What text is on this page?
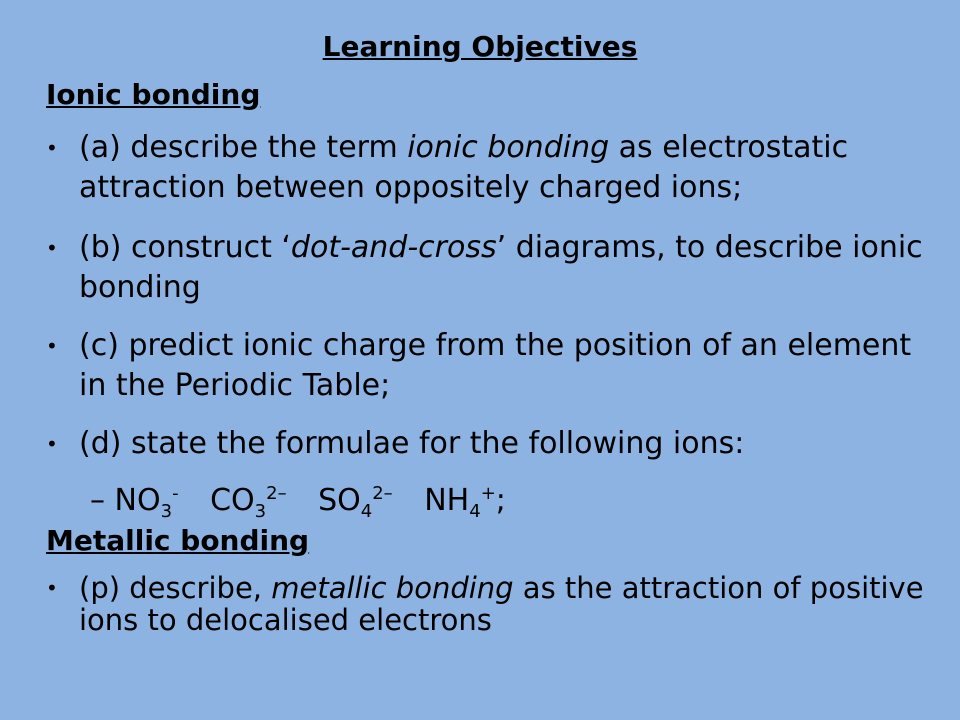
Learning Objectives
Ionic bonding

• (a) describe the term ionic bonding as electrostatic attraction between oppositely charged ions;

• (b) construct ‘dot-and-cross’ diagrams, to describe ionic bonding

• (c) predict ionic charge from the position of an element in the Periodic Table;

• (d) state the formulae for the following ions:

– $NO_3^-$ $CO_3^{2-}$ $SO_4^{2-}$ $NH_4^+$;

Metallic bonding

• (p) describe, metallic bonding as the attraction of positive ions to delocalised electrons
